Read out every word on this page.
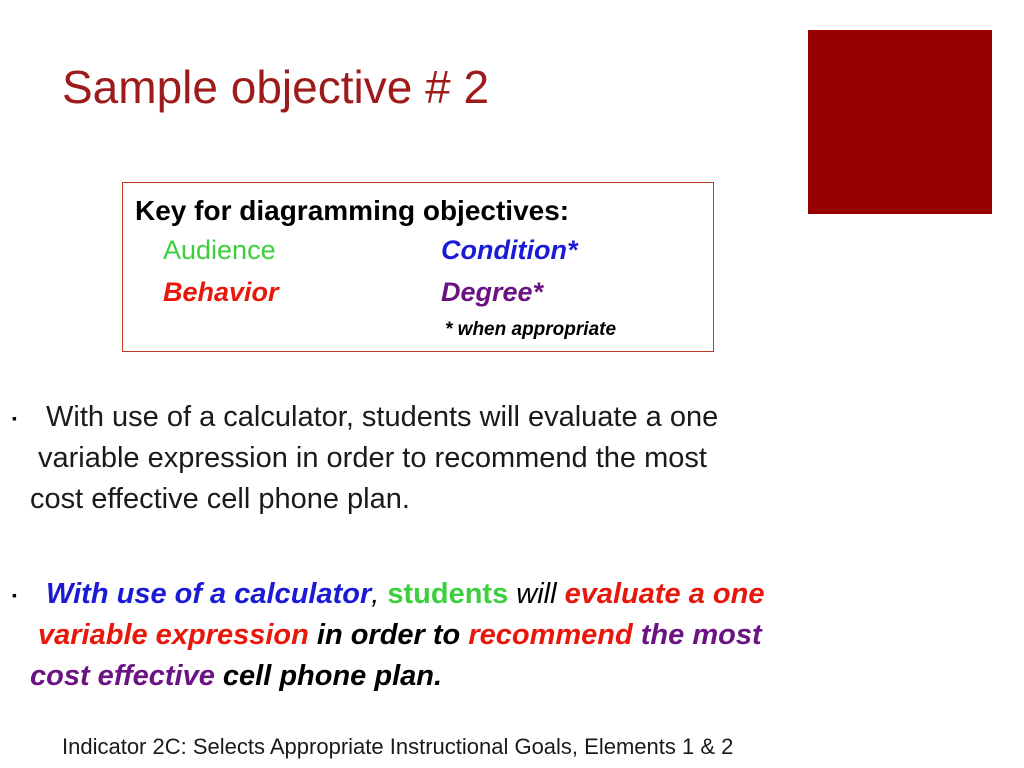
Sample objective # 2
Key for diagramming objectives:
Audience	Condition*
Behavior	Degree*
* when appropriate
▪	With use of a calculator, students will evaluate a one
variable expression in order to recommend the most
cost effective cell phone plan.
▪	With use of a calculator, students will evaluate a one
variable expression in order to recommend the most
cost effective cell phone plan.
Indicator 2C: Selects Appropriate Instructional Goals, Elements 1 & 2
